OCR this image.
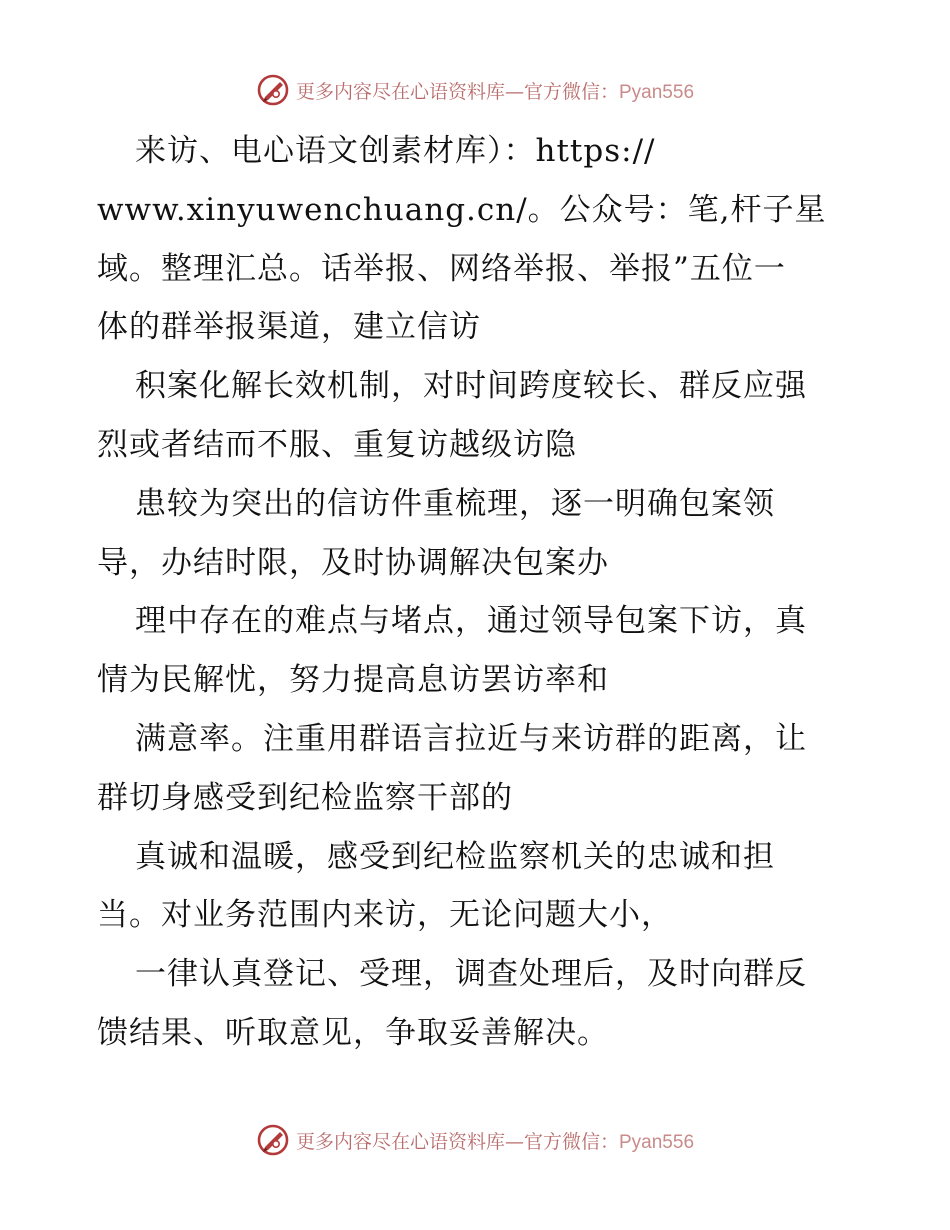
更多内容尽在心语资料库—官方微信：Pyan556
来访、电心语文创素材库）：https://
www.xinyuwenchuang.cn/。公众号：笔,杆子星
域。整理汇总。话举报、网络举报、举报”五位一
体的群举报渠道，建立信访
积案化解长效机制，对时间跨度较长、群反应强
烈或者结而不服、重复访越级访隐
患较为突出的信访件重梳理，逐一明确包案领
导，办结时限，及时协调解决包案办
理中存在的难点与堵点，通过领导包案下访，真
情为民解忧，努力提高息访罢访率和
满意率。注重用群语言拉近与来访群的距离，让
群切身感受到纪检监察干部的
真诚和温暖，感受到纪检监察机关的忠诚和担
当。对业务范围内来访，无论问题大小，
一律认真登记、受理，调查处理后，及时向群反
馈结果、听取意见，争取妥善解决。
更多内容尽在心语资料库—官方微信：Pyan556
